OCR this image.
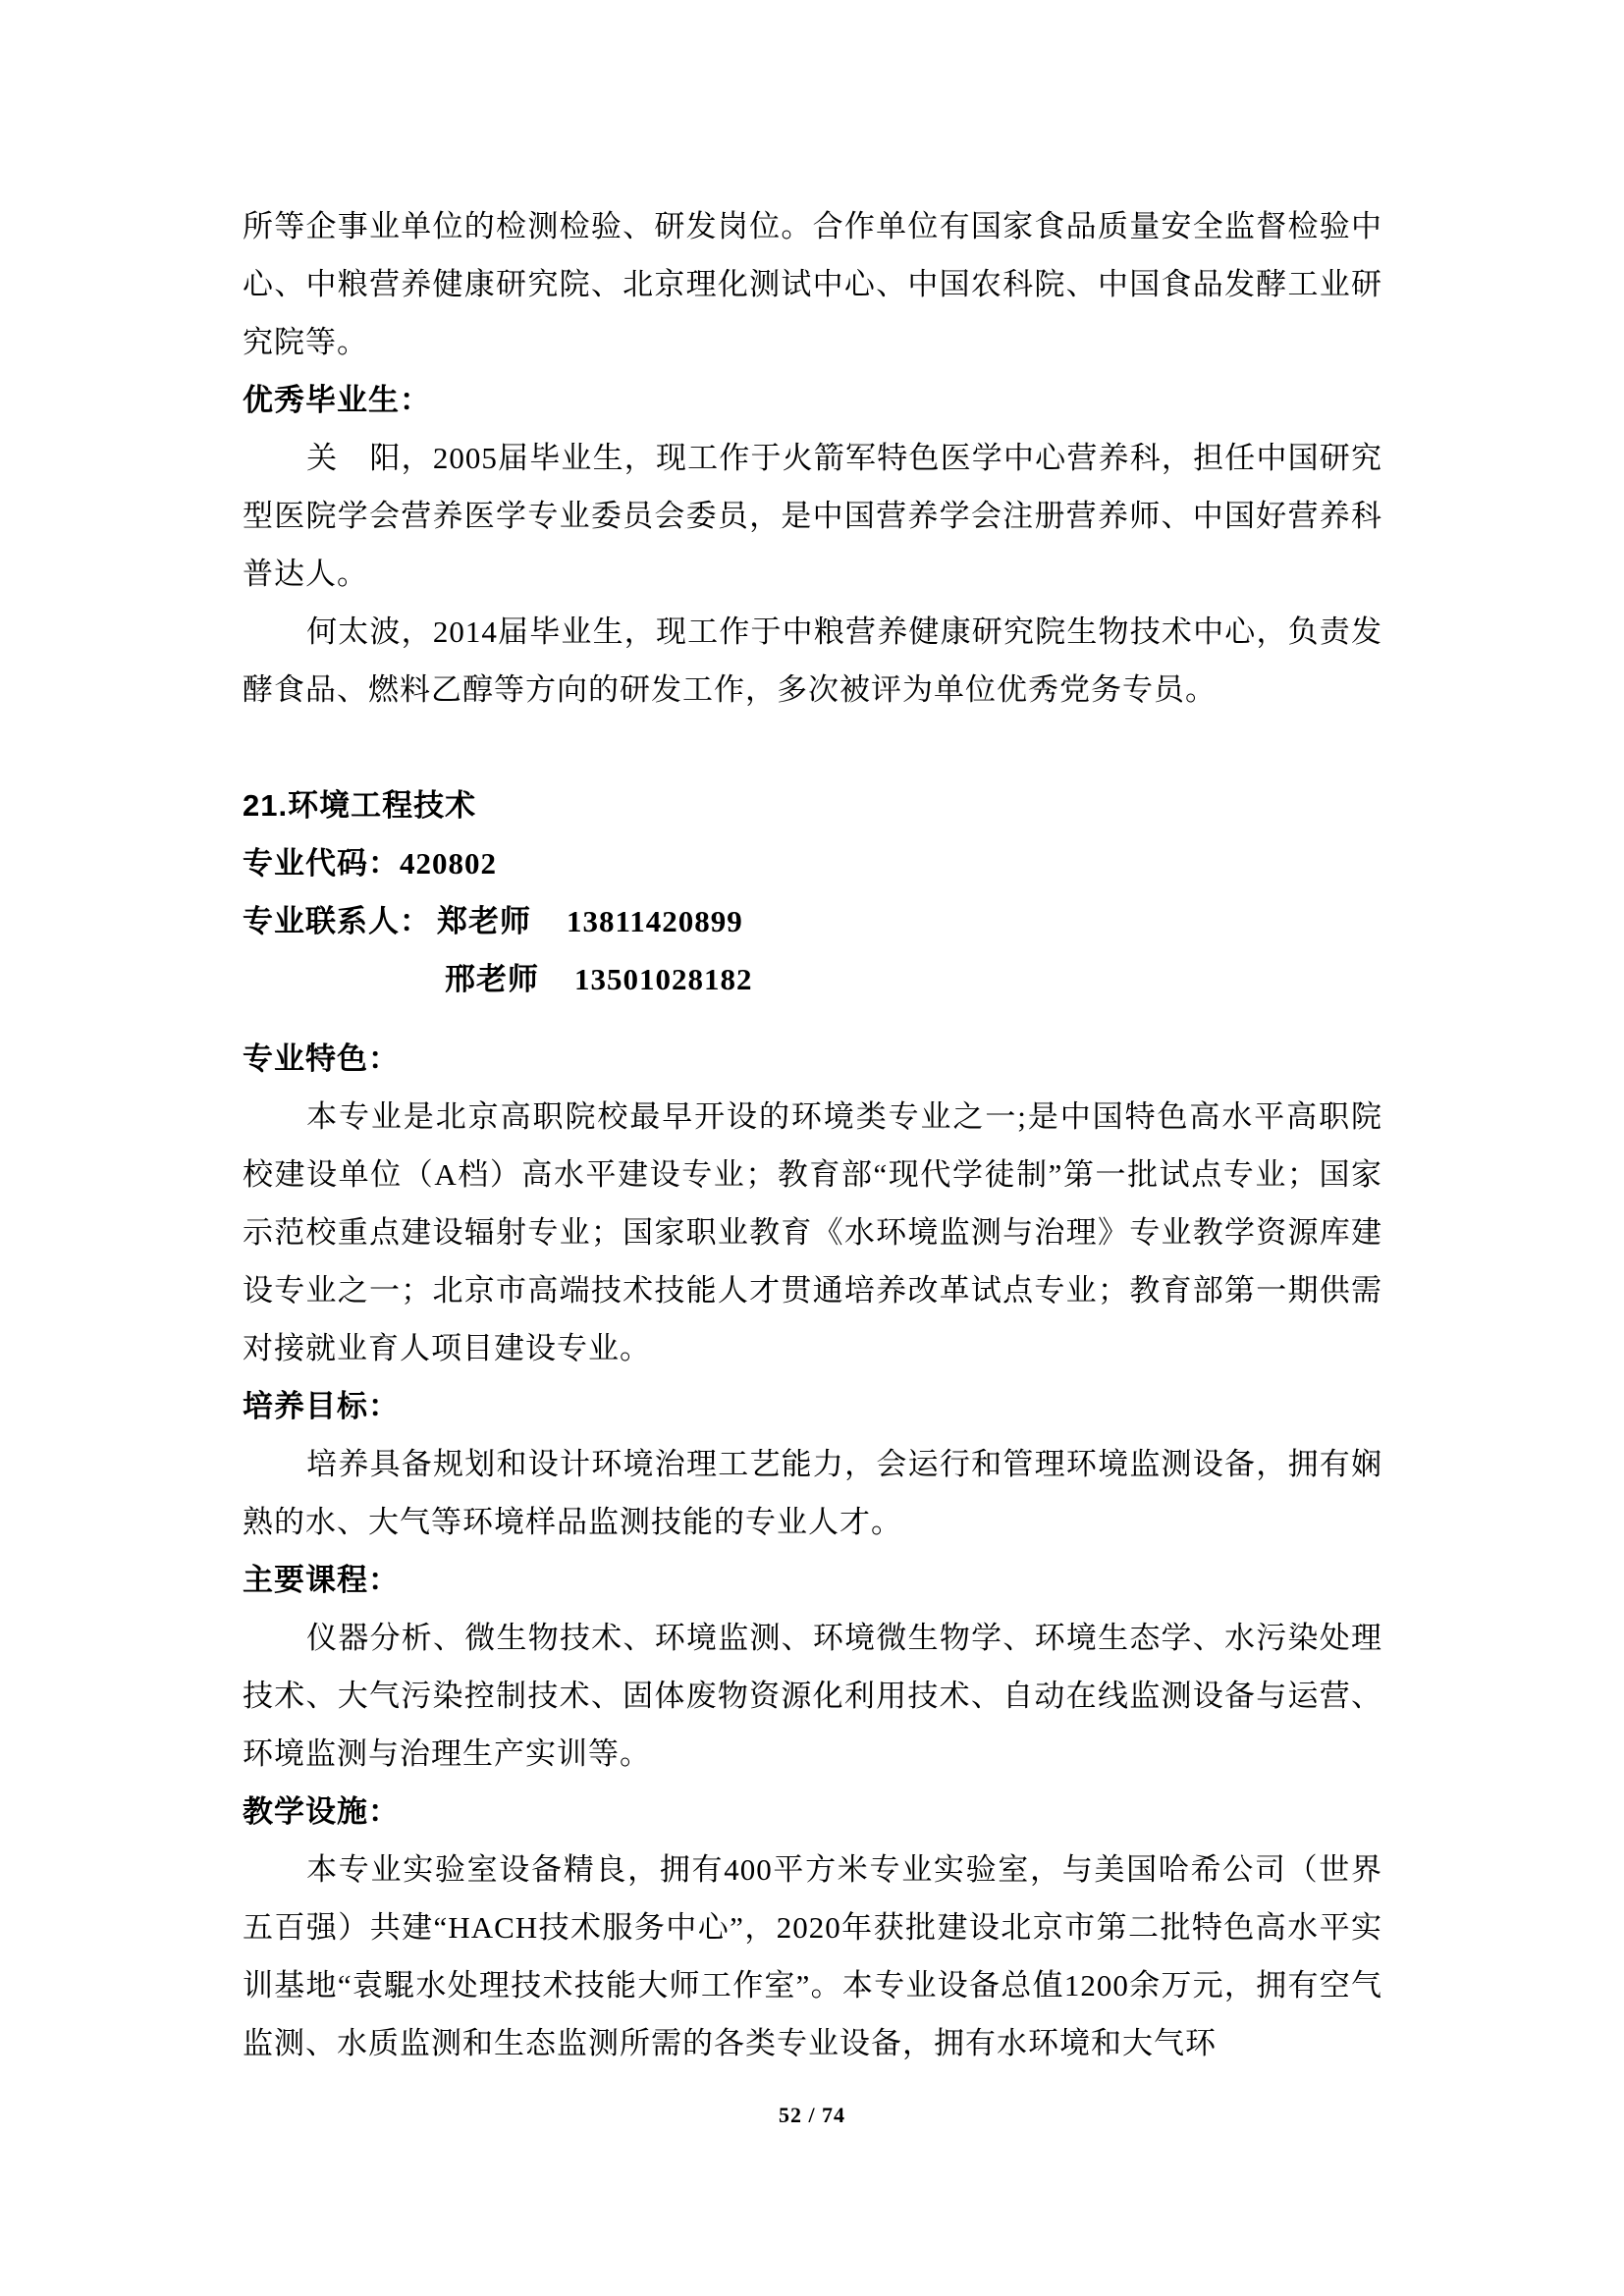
所等企事业单位的检测检验、研发岗位。合作单位有国家食品质量安全监督检验中心、中粮营养健康研究院、北京理化测试中心、中国农科院、中国食品发酵工业研究院等。

优秀毕业生：

关　阳，2005届毕业生，现工作于火箭军特色医学中心营养科，担任中国研究型医院学会营养医学专业委员会委员，是中国营养学会注册营养师、中国好营养科普达人。

何太波，2014届毕业生，现工作于中粮营养健康研究院生物技术中心，负责发酵食品、燃料乙醇等方向的研发工作，多次被评为单位优秀党务专员。

21.环境工程技术
专业代码：420802
专业联系人： 郑老师 13811420899
邢老师 13501028182
专业特色：

本专业是北京高职院校最早开设的环境类专业之一;是中国特色高水平高职院校建设单位（A档）高水平建设专业；教育部“现代学徒制”第一批试点专业；国家示范校重点建设辐射专业；国家职业教育《水环境监测与治理》专业教学资源库建设专业之一；北京市高端技术技能人才贯通培养改革试点专业；教育部第一期供需对接就业育人项目建设专业。

培养目标：

培养具备规划和设计环境治理工艺能力，会运行和管理环境监测设备，拥有娴熟的水、大气等环境样品监测技能的专业人才。

主要课程：

仪器分析、微生物技术、环境监测、环境微生物学、环境生态学、水污染处理技术、大气污染控制技术、固体废物资源化利用技术、自动在线监测设备与运营、环境监测与治理生产实训等。

教学设施：

本专业实验室设备精良，拥有400平方米专业实验室，与美国哈希公司（世界五百强）共建“HACH技术服务中心”，2020年获批建设北京市第二批特色高水平实训基地“袁騉水处理技术技能大师工作室”。本专业设备总值1200余万元，拥有空气监测、水质监测和生态监测所需的各类专业设备，拥有水环境和大气环

52 / 74
